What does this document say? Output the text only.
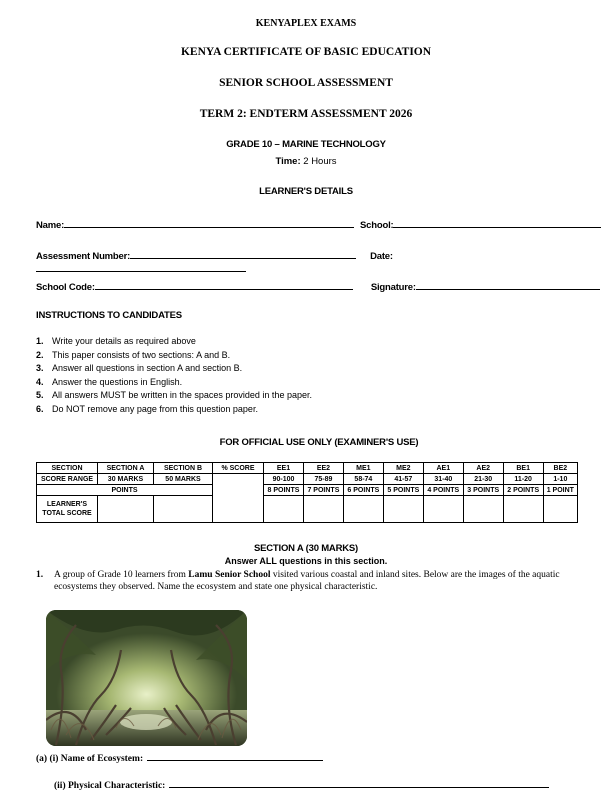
KENYAPLEX EXAMS
KENYA CERTIFICATE OF BASIC EDUCATION
SENIOR SCHOOL ASSESSMENT
TERM 2: ENDTERM ASSESSMENT 2026
GRADE 10 – MARINE TECHNOLOGY
Time: 2 Hours
LEARNER'S DETAILS
Name:	School:
Assessment Number:	Date:
School Code:	Signature:
INSTRUCTIONS TO CANDIDATES
1. Write your details as required above
2. This paper consists of two sections: A and B.
3. Answer all questions in section A and section B.
4. Answer the questions in English.
5. All answers MUST be written in the spaces provided in the paper.
6. Do NOT remove any page from this question paper.
FOR OFFICIAL USE ONLY (EXAMINER'S USE)
SECTION	SECTION A	SECTION B	% SCORE	EE1	EE2	ME1	ME2	AE1	AE2	BE1	BE2
SCORE RANGE	30 MARKS	50 MARKS		90-100	75-89	58-74	41-57	31-40	21-30	11-20	1-10
POINTS				8 POINTS	7 POINTS	6 POINTS	5 POINTS	4 POINTS	3 POINTS	2 POINTS	1 POINT
LEARNER'S TOTAL SCORE											
SECTION A (30 MARKS)
Answer ALL questions in this section.
1. A group of Grade 10 learners from Lamu Senior School visited various coastal and inland sites. Below are the images of the aquatic ecosystems they observed. Name the ecosystem and state one physical characteristic.
(a) (i) Name of Ecosystem:
(ii) Physical Characteristic:
